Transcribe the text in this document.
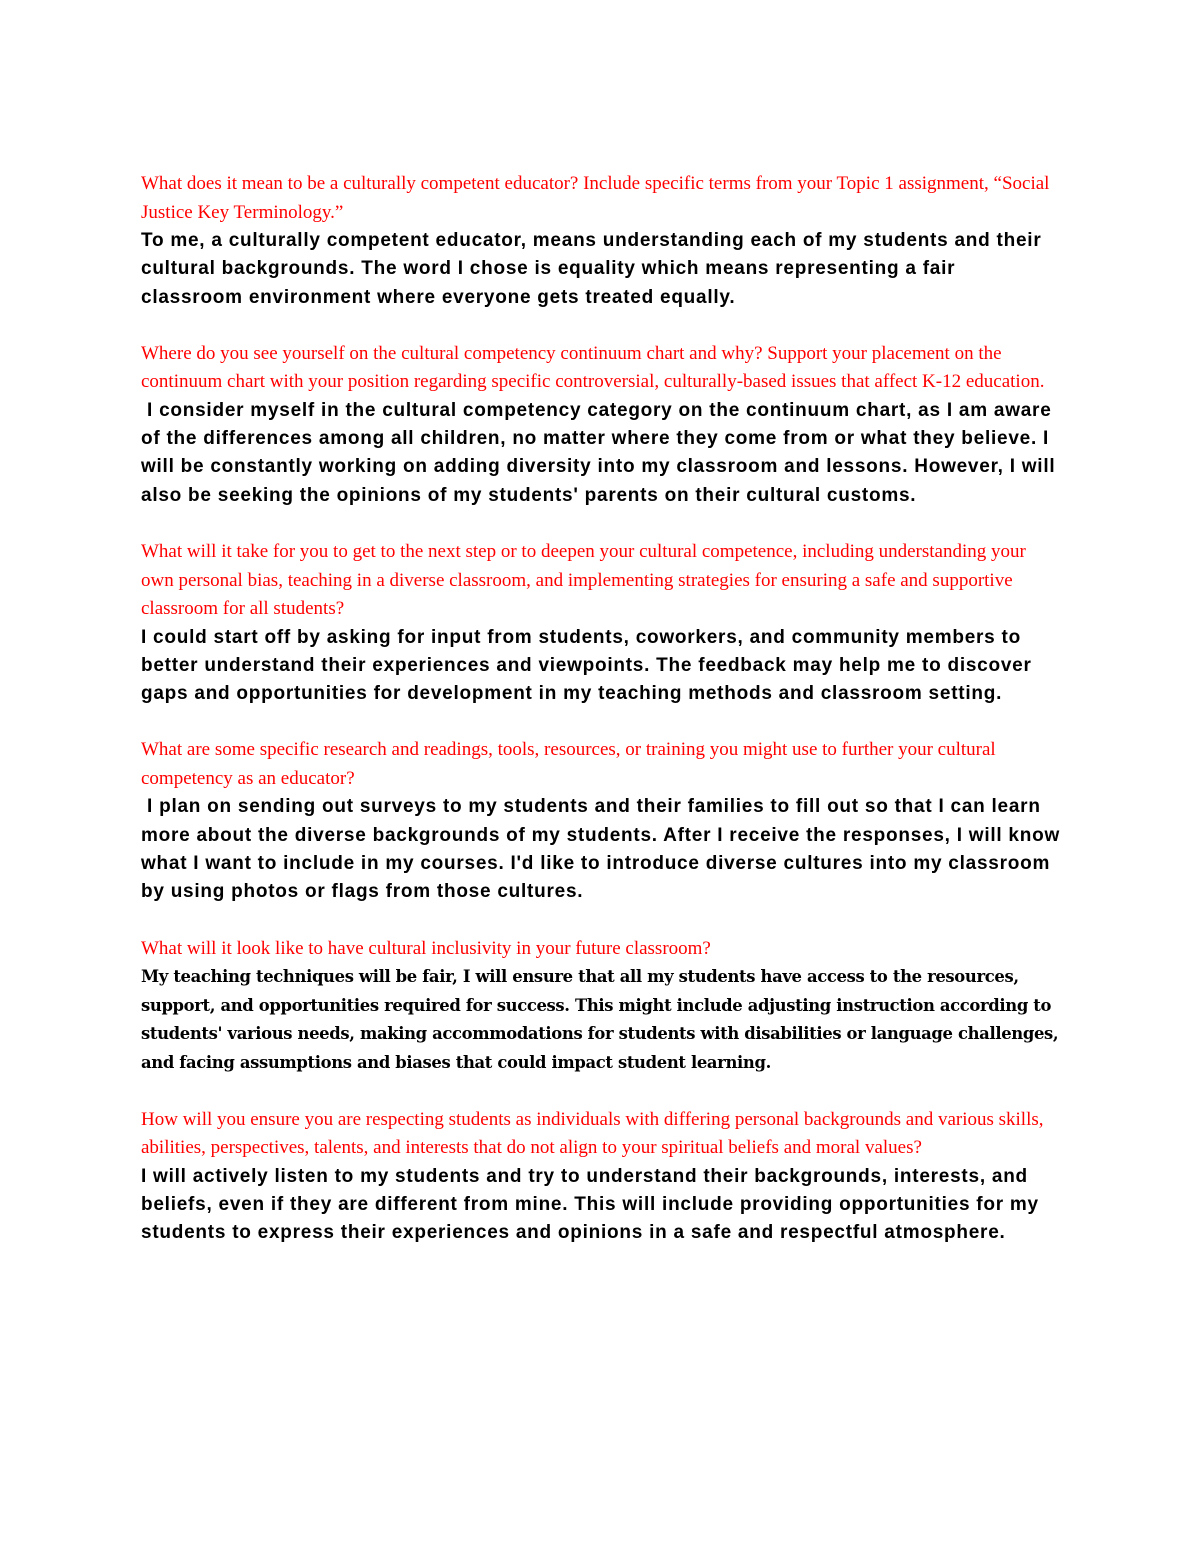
What does it mean to be a culturally competent educator? Include specific terms from your Topic 1 assignment, “Social Justice Key Terminology.”

To me, a culturally competent educator, means understanding each of my students and their cultural backgrounds. The word I chose is equality which means representing a fair classroom environment where everyone gets treated equally.

Where do you see yourself on the cultural competency continuum chart and why? Support your placement on the continuum chart with your position regarding specific controversial, culturally-based issues that affect K-12 education.

I consider myself in the cultural competency category on the continuum chart, as I am aware of the differences among all children, no matter where they come from or what they believe. I will be constantly working on adding diversity into my classroom and lessons. However, I will also be seeking the opinions of my students' parents on their cultural customs.

What will it take for you to get to the next step or to deepen your cultural competence, including understanding your own personal bias, teaching in a diverse classroom, and implementing strategies for ensuring a safe and supportive classroom for all students?

I could start off by asking for input from students, coworkers, and community members to better understand their experiences and viewpoints. The feedback may help me to discover gaps and opportunities for development in my teaching methods and classroom setting.

What are some specific research and readings, tools, resources, or training you might use to further your cultural competency as an educator?

I plan on sending out surveys to my students and their families to fill out so that I can learn more about the diverse backgrounds of my students. After I receive the responses, I will know what I want to include in my courses. I'd like to introduce diverse cultures into my classroom by using photos or flags from those cultures.

What will it look like to have cultural inclusivity in your future classroom?

My teaching techniques will be fair, I will ensure that all my students have access to the resources, support, and opportunities required for success. This might include adjusting instruction according to students' various needs, making accommodations for students with disabilities or language challenges, and facing assumptions and biases that could impact student learning.

How will you ensure you are respecting students as individuals with differing personal backgrounds and various skills, abilities, perspectives, talents, and interests that do not align to your spiritual beliefs and moral values?

I will actively listen to my students and try to understand their backgrounds, interests, and beliefs, even if they are different from mine. This will include providing opportunities for my students to express their experiences and opinions in a safe and respectful atmosphere.
